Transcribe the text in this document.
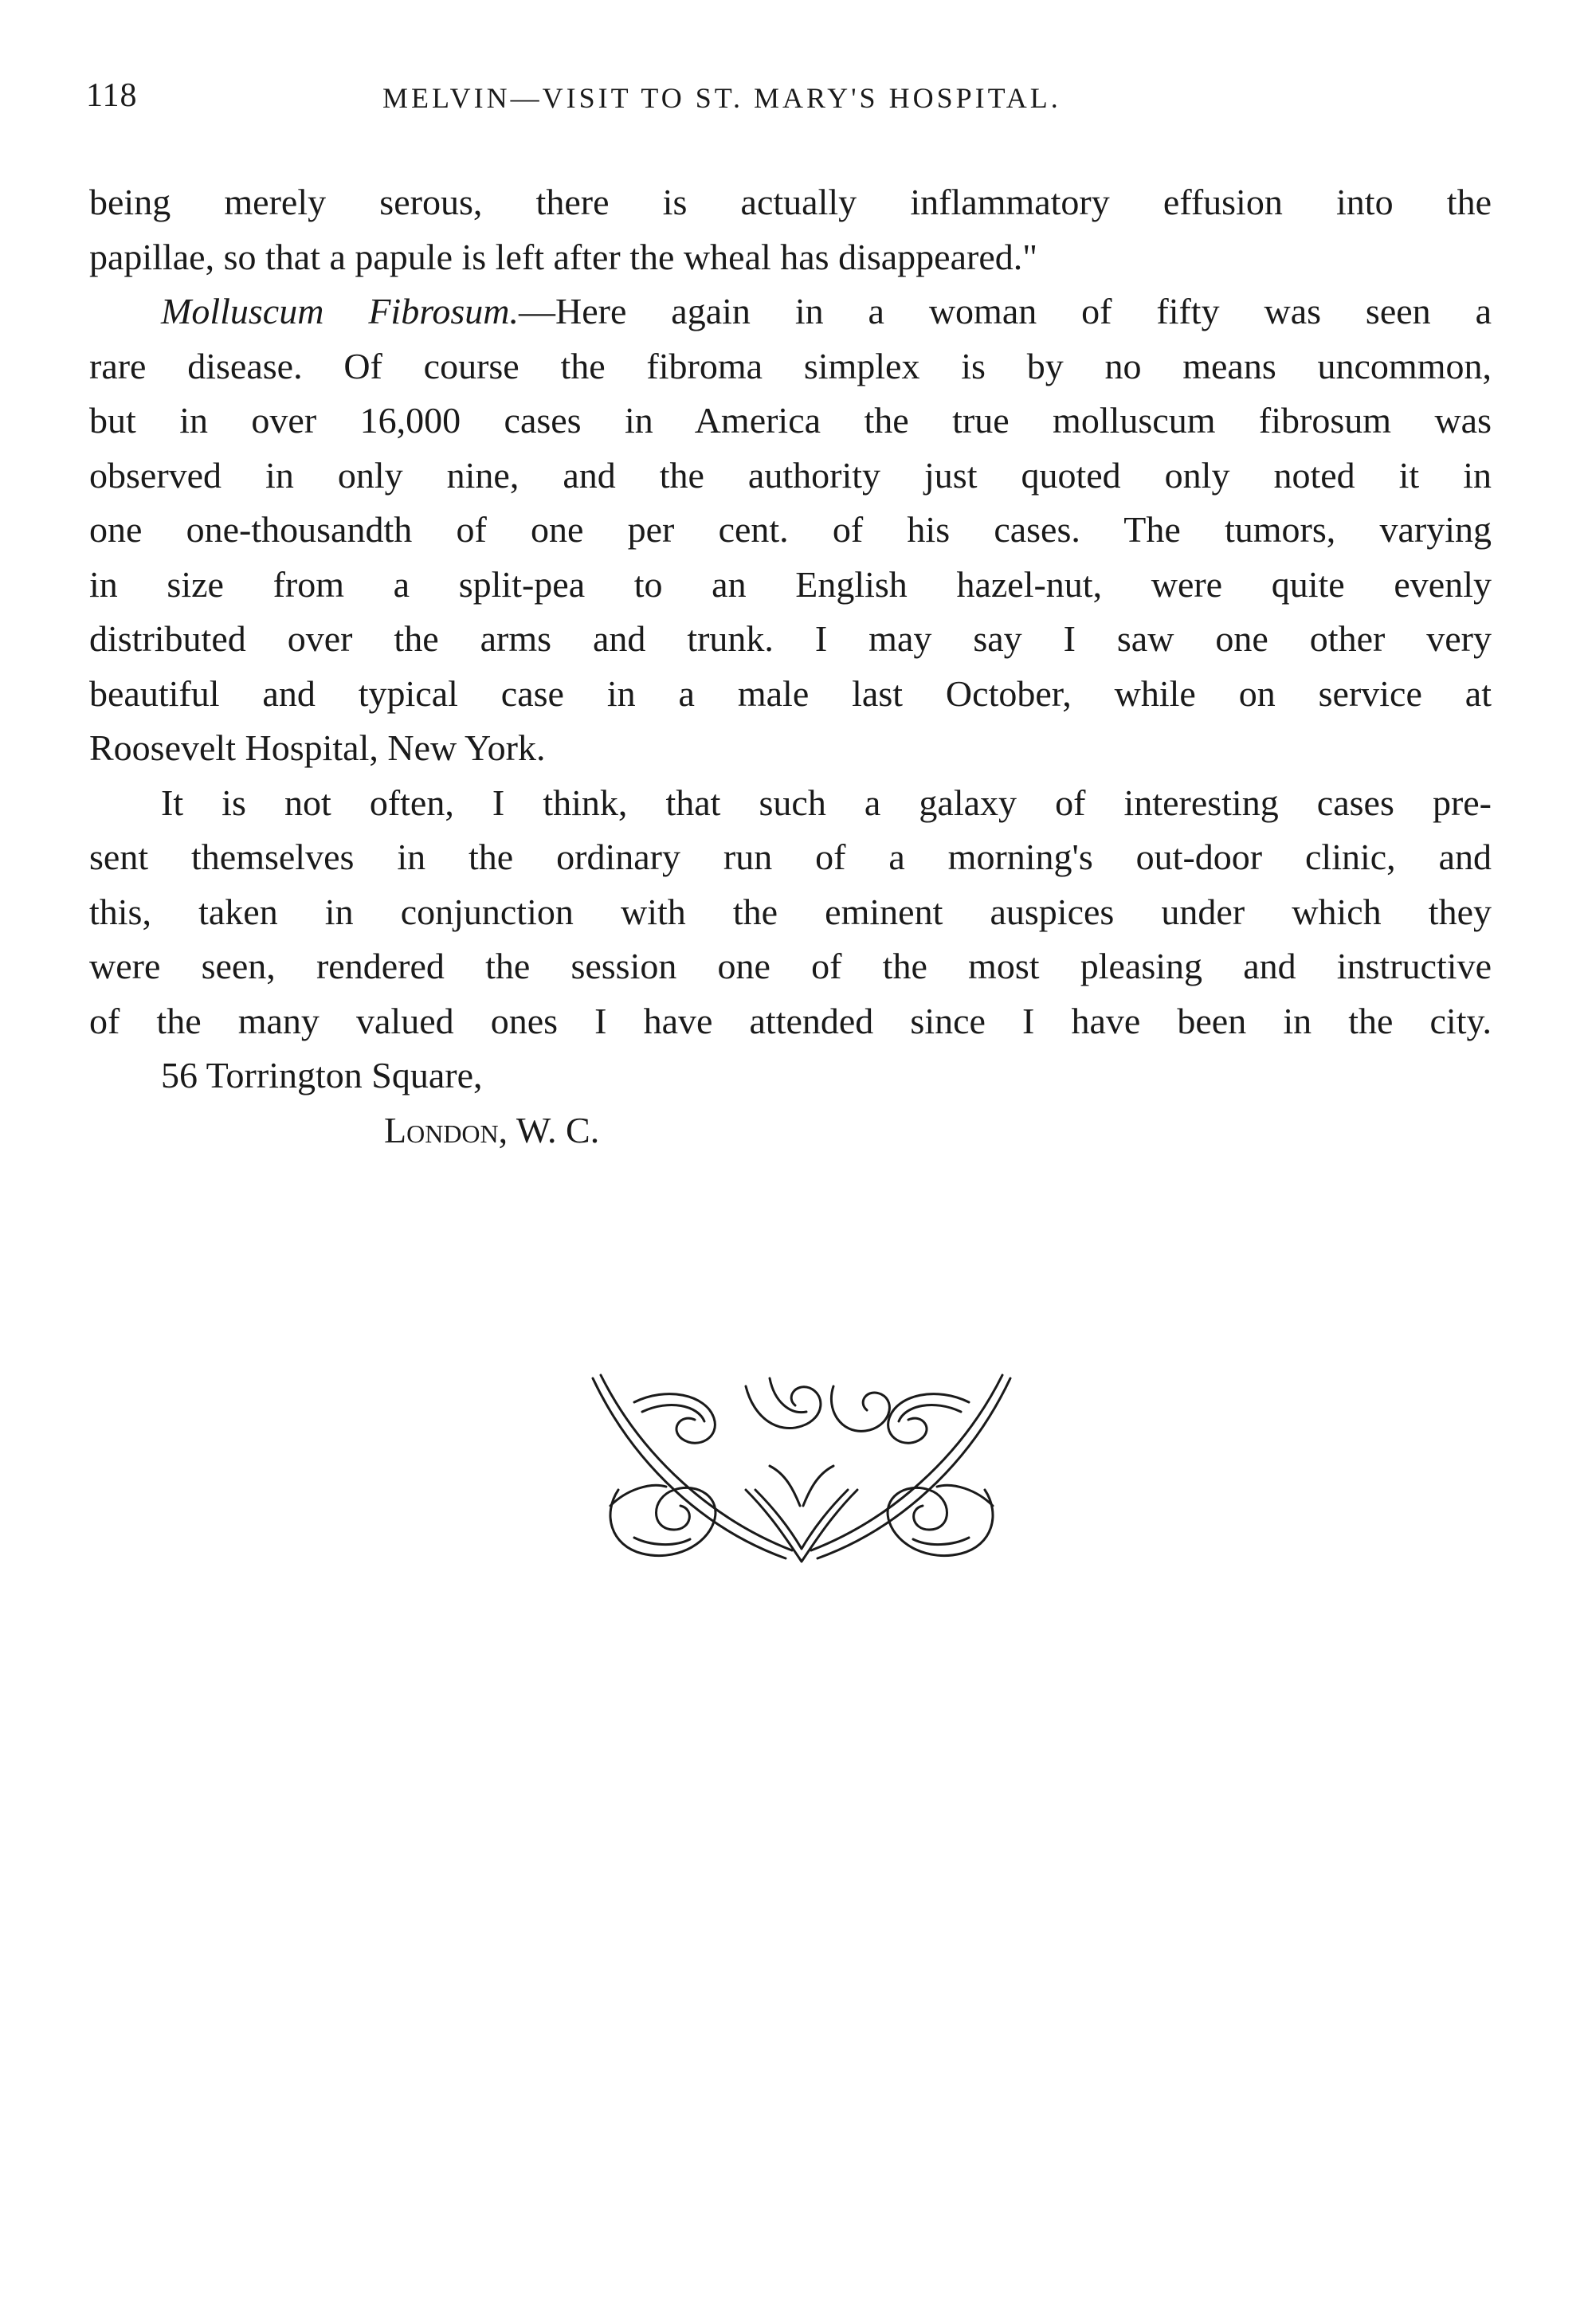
118	MELVIN—VISIT TO ST. MARY'S HOSPITAL.

being merely serous, there is actually inflammatory effusion into the
papillae, so that a papule is left after the wheal has disappeared."

Molluscum Fibrosum.—Here again in a woman of fifty was seen a
rare disease. Of course the fibroma simplex is by no means uncommon,
but in over 16,000 cases in America the true molluscum fibrosum was
observed in only nine, and the authority just quoted only noted it in
one one-thousandth of one per cent. of his cases. The tumors, varying
in size from a split-pea to an English hazel-nut, were quite evenly
distributed over the arms and trunk. I may say I saw one other very
beautiful and typical case in a male last October, while on service at
Roosevelt Hospital, New York.

It is not often, I think, that such a galaxy of interesting cases pre-
sent themselves in the ordinary run of a morning's out-door clinic, and
this, taken in conjunction with the eminent auspices under which they
were seen, rendered the session one of the most pleasing and instructive
of the many valued ones I have attended since I have been in the city.

56 Torrington Square,
London, W. C.
